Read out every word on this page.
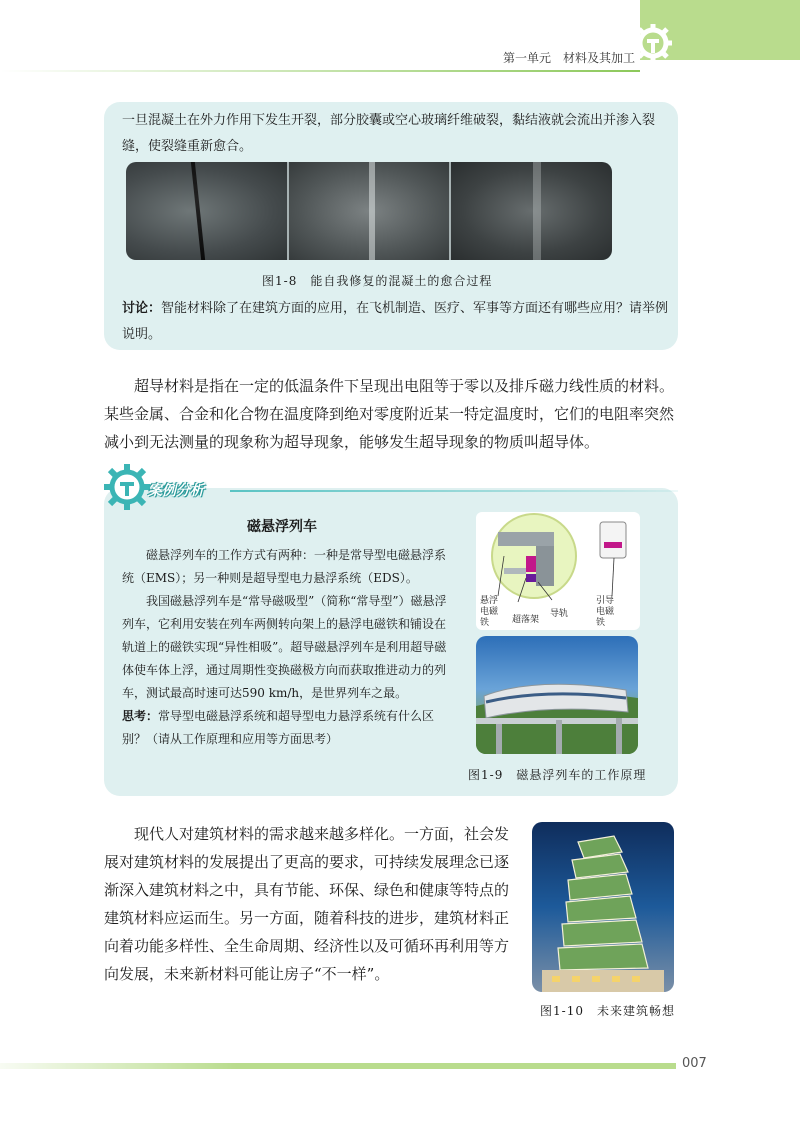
第一单元　材料及其加工
一旦混凝土在外力作用下发生开裂，部分胶囊或空心玻璃纤维破裂，黏结液就会流出并渗入裂缝，使裂缝重新愈合。
图1-8　能自我修复的混凝土的愈合过程
讨论：智能材料除了在建筑方面的应用，在飞机制造、医疗、军事等方面还有哪些应用？请举例说明。
超导材料是指在一定的低温条件下呈现出电阻等于零以及排斥磁力线性质的材料。某些金属、合金和化合物在温度降到绝对零度附近某一特定温度时，它们的电阻率突然减小到无法测量的现象称为超导现象，能够发生超导现象的物质叫超导体。
案例分析
磁悬浮列车

磁悬浮列车的工作方式有两种：一种是常导型电磁悬浮系统（EMS）；另一种则是超导型电力悬浮系统（EDS）。

我国磁悬浮列车是“常导磁吸型”（简称“常导型”）磁悬浮列车，它利用安装在列车两侧转向架上的悬浮电磁铁和铺设在轨道上的磁铁实现“异性相吸”。超导磁悬浮列车是利用超导磁体使车体上浮，通过周期性变换磁极方向而获取推进动力的列车，测试最高时速可达590 km/h，是世界列车之最。

思考：常导型电磁悬浮系统和超导型电力悬浮系统有什么区别？（请从工作原理和应用等方面思考）

悬浮电磁铁	超落架
导轨
引导电磁铁
图1-9　磁悬浮列车的工作原理
现代人对建筑材料的需求越来越多样化。一方面，社会发展对建筑材料的发展提出了更高的要求，可持续发展理念已逐渐深入建筑材料之中，具有节能、环保、绿色和健康等特点的建筑材料应运而生。另一方面，随着科技的进步，建筑材料正向着功能多样性、全生命周期、经济性以及可循环再利用等方向发展，未来新材料可能让房子“不一样”。
图1-10　未来建筑畅想
007
